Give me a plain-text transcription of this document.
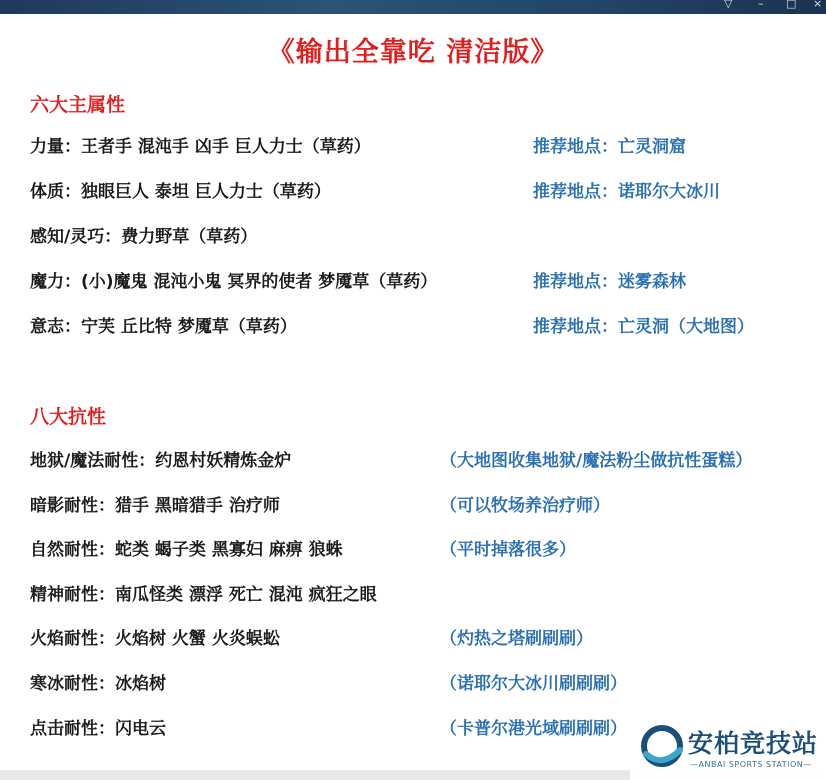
▽ – □ ×
《输出全靠吃 清洁版》
六大主属性
力量：王者手 混沌手 凶手 巨人力士（草药）	推荐地点：亡灵洞窟
体质：独眼巨人 泰坦 巨人力士（草药）	推荐地点：诺耶尔大冰川
感知/灵巧：费力野草（草药）
魔力：(小)魔鬼 混沌小鬼 冥界的使者 梦魇草（草药）	推荐地点：迷雾森林
意志：宁芙 丘比特 梦魇草（草药）	推荐地点：亡灵洞（大地图）
八大抗性
地狱/魔法耐性：约恩村妖精炼金炉	（大地图收集地狱/魔法粉尘做抗性蛋糕）
暗影耐性：猎手 黑暗猎手 治疗师	（可以牧场养治疗师）
自然耐性：蛇类 蝎子类 黑寡妇 麻痹 狼蛛	（平时掉落很多）
精神耐性：南瓜怪类 漂浮 死亡 混沌 疯狂之眼
火焰耐性：火焰树 火蟹 火炎蜈蚣	（灼热之塔刷刷刷）
寒冰耐性：冰焰树	（诺耶尔大冰川刷刷刷）
点击耐性：闪电云	（卡普尔港光域刷刷刷） 安柏竞技站
—ANBAI SPORTS STATION—
